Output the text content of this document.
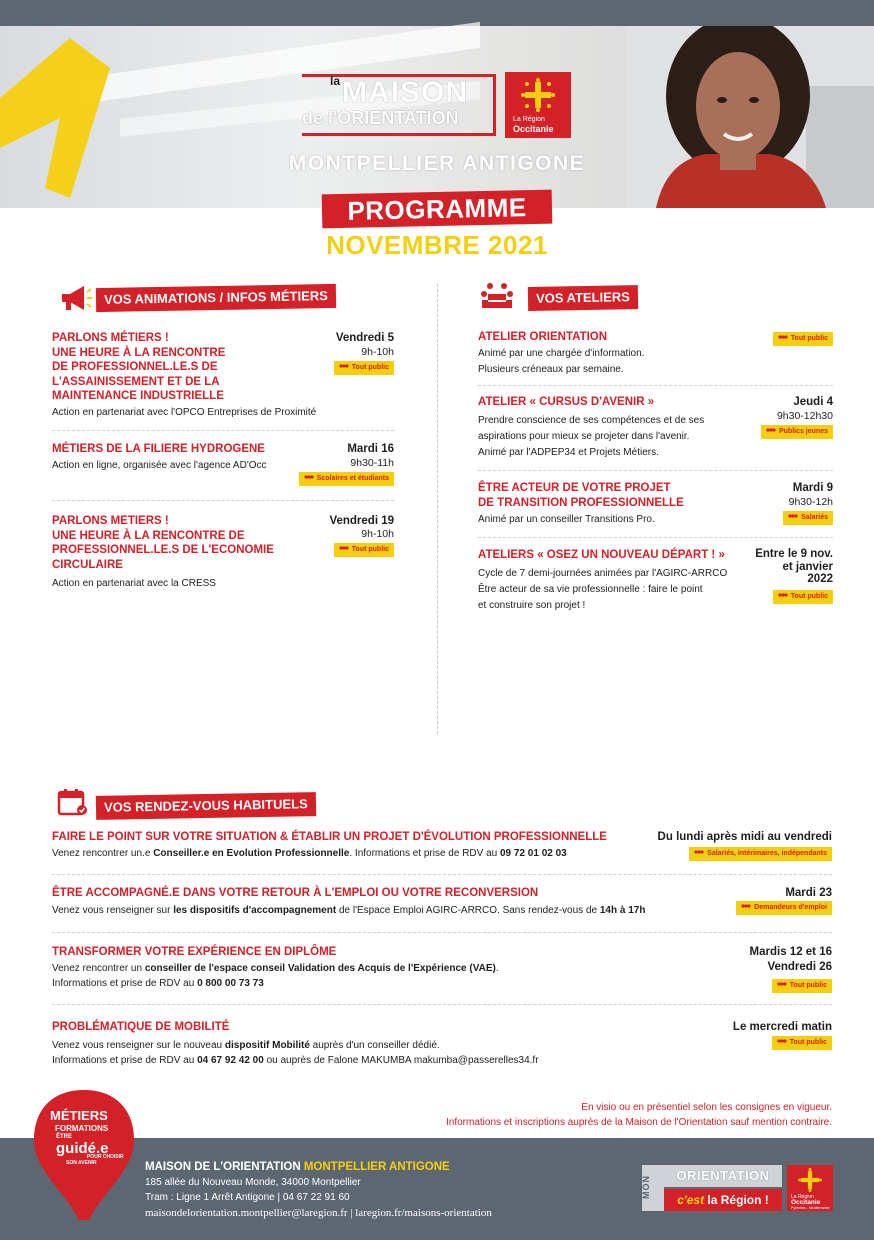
la MAISON
de l'ORIENTATION	La Région
Occitanie
MONTPELLIER ANTIGONE
PROGRAMME
NOVEMBRE 2021
VOS ANIMATIONS / INFOS MÉTIERS
PARLONS MÉTIERS !
UNE HEURE À LA RENCONTRE
DE PROFESSIONNEL.LE.S DE
L'ASSAINISSEMENT ET DE LA
MAINTENANCE INDUSTRIELLE
Action en partenariat avec l'OPCO Entreprises de Proximité
Vendredi 5
9h-10h
Tout public
MÉTIERS DE LA FILIERE HYDROGENE
Action en ligne, organisée avec l'agence AD'Occ
Mardi 16
9h30-11h
Scolaires et étudiants
PARLONS METIERS !
UNE HEURE À LA RENCONTRE DE
PROFESSIONNEL.LE.S DE L'ECONOMIE
CIRCULAIRE
Action en partenariat avec la CRESS
Vendredi 19
9h-10h
Tout public
VOS ATELIERS
ATELIER ORIENTATION
Animé par une chargée d'information.
Plusieurs créneaux par semaine.
Tout public
ATELIER « CURSUS D'AVENIR »
Prendre conscience de ses compétences et de ses
aspirations pour mieux se projeter dans l'avenir.
Animé par l'ADPEP34 et Projets Métiers.
Jeudi 4
9h30-12h30
Publics jeunes
ÊTRE ACTEUR DE VOTRE PROJET
DE TRANSITION PROFESSIONNELLE
Animé par un conseiller Transitions Pro.
Mardi 9
9h30-12h
Salariés
ATELIERS « OSEZ UN NOUVEAU DÉPART ! »
Cycle de 7 demi-journées animées par l'AGIRC-ARRCO
Être acteur de sa vie professionnelle : faire le point
et construire son projet !
Entre le 9 nov.
et janvier
2022
Tout public
VOS RENDEZ-VOUS HABITUELS
FAIRE LE POINT SUR VOTRE SITUATION & ÉTABLIR UN PROJET D'ÉVOLUTION PROFESSIONNELLE
Venez rencontrer un.e Conseiller.e en Evolution Professionnelle. Informations et prise de RDV au 09 72 01 02 03
Du lundi après midi au vendredi
Salariés, intérimaires, indépendants
ÊTRE ACCOMPAGNÉ.E DANS VOTRE RETOUR À L'EMPLOI OU VOTRE RECONVERSION
Venez vous renseigner sur les dispositifs d'accompagnement de l'Espace Emploi AGIRC-ARRCO. Sans rendez-vous de 14h à 17h
Mardi 23
Demandeurs d'emploi
TRANSFORMER VOTRE EXPÉRIENCE EN DIPLÔME
Venez rencontrer un conseiller de l'espace conseil Validation des Acquis de l'Expérience (VAE).
Informations et prise de RDV au 0 800 00 73 73
Mardis 12 et 16
Vendredi 26
Tout public
PROBLÉMATIQUE DE MOBILITÉ
Venez vous renseigner sur le nouveau dispositif Mobilité auprès d'un conseiller dédié.
Informations et prise de RDV au 04 67 92 42 00 ou auprès de Falone MAKUMBA makumba@passerelles34.fr
Le mercredi matin
Tout public
En visio ou en présentiel selon les consignes en vigueur.
Informations et inscriptions auprès de la Maison de l'Orientation sauf mention contraire.
MÉTIERS
FORMATIONS
ÊTRE
guidé.e
POUR CHOISIR
SON AVENIR	MAISON DE L'ORIENTATION MONTPELLIER ANTIGONE
185 allée du Nouveau Monde, 34000 Montpellier
Tram : Ligne 1 Arrêt Antigone | 04 67 22 91 60
maisondelorientation.montpellier@laregion.fr | laregion.fr/maisons-orientation
MON	ORIENTATION
c'est la Région !	La Région
Occitanie
Pyrénées - Méditerranée
